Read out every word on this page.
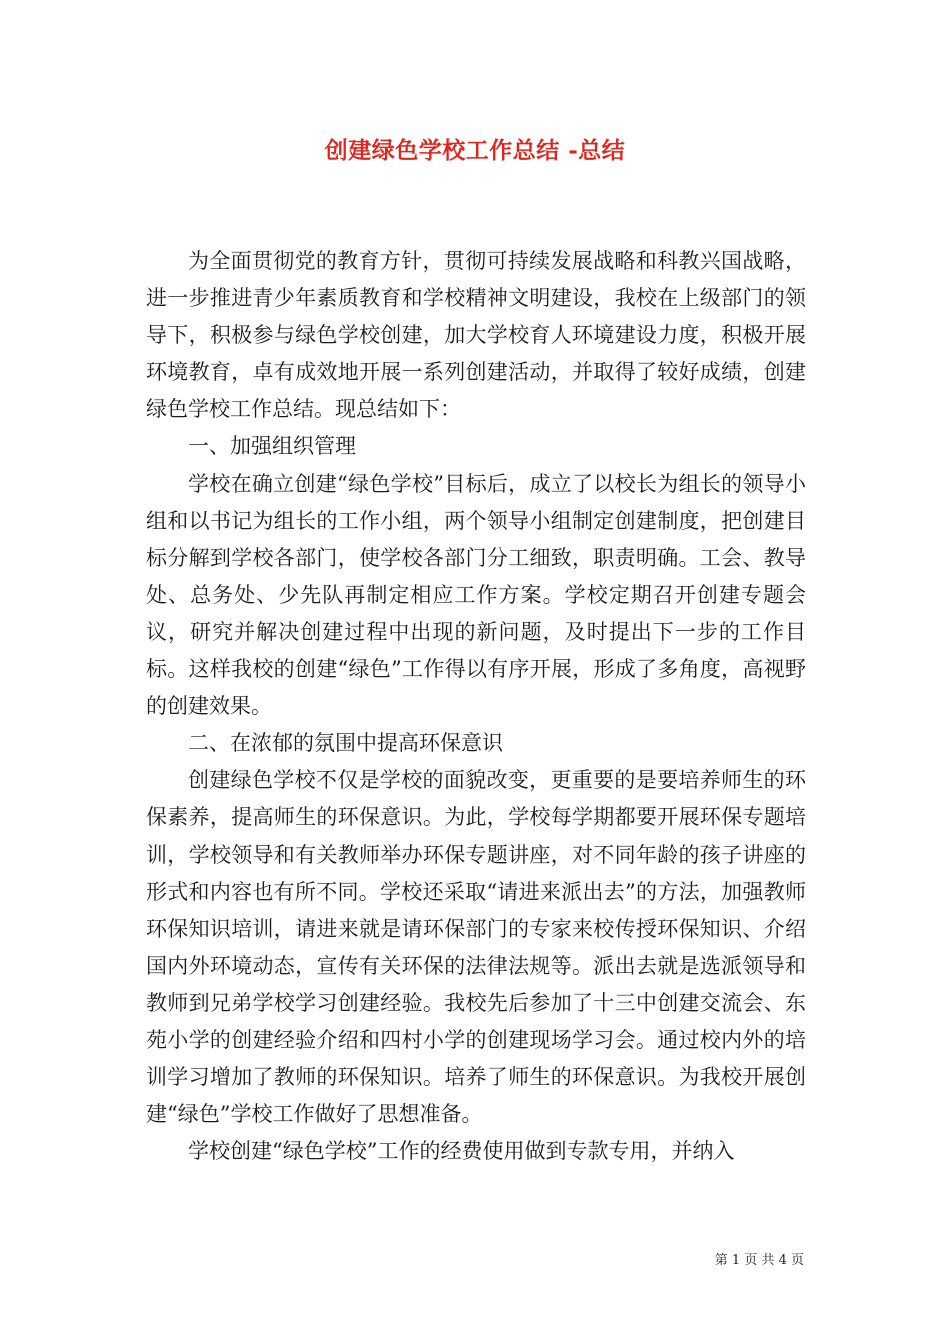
创建绿色学校工作总结 -总结

为全面贯彻党的教育方针，贯彻可持续发展战略和科教兴国战略，进一步推进青少年素质教育和学校精神文明建设，我校在上级部门的领导下，积极参与绿色学校创建，加大学校育人环境建设力度，积极开展环境教育，卓有成效地开展一系列创建活动，并取得了较好成绩，创建绿色学校工作总结。现总结如下：

一、加强组织管理

学校在确立创建“绿色学校”目标后，成立了以校长为组长的领导小组和以书记为组长的工作小组，两个领导小组制定创建制度，把创建目标分解到学校各部门，使学校各部门分工细致，职责明确。工会、教导处、总务处、少先队再制定相应工作方案。学校定期召开创建专题会议，研究并解决创建过程中出现的新问题，及时提出下一步的工作目标。这样我校的创建“绿色”工作得以有序开展，形成了多角度，高视野的创建效果。

二、在浓郁的氛围中提高环保意识

创建绿色学校不仅是学校的面貌改变，更重要的是要培养师生的环保素养，提高师生的环保意识。为此，学校每学期都要开展环保专题培训，学校领导和有关教师举办环保专题讲座，对不同年龄的孩子讲座的形式和内容也有所不同。学校还采取“请进来派出去”的方法，加强教师环保知识培训，请进来就是请环保部门的专家来校传授环保知识、介绍国内外环境动态，宣传有关环保的法律法规等。派出去就是选派领导和教师到兄弟学校学习创建经验。我校先后参加了十三中创建交流会、东苑小学的创建经验介绍和四村小学的创建现场学习会。通过校内外的培训学习增加了教师的环保知识。培养了师生的环保意识。为我校开展创建“绿色”学校工作做好了思想准备。

学校创建“绿色学校”工作的经费使用做到专款专用，并纳入

第 1 页 共 4 页
